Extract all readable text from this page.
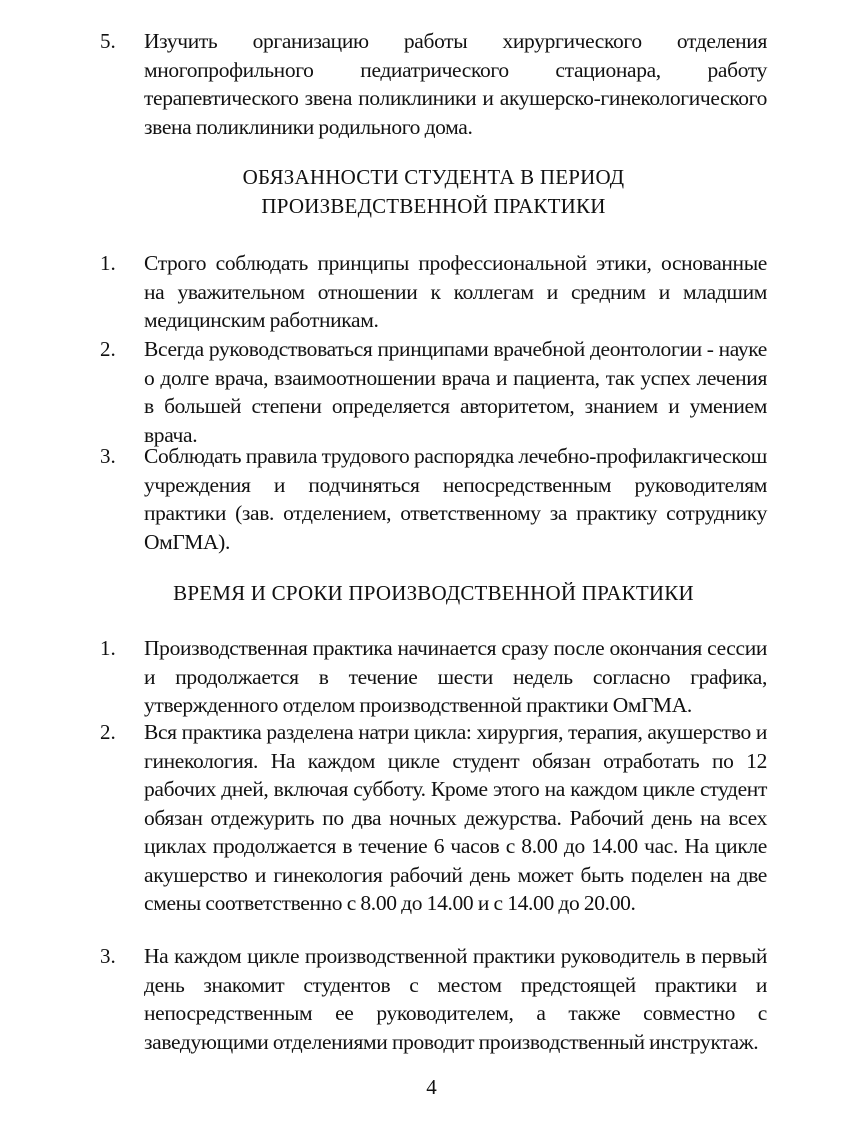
5.	Изучить организацию работы хирургического отделения многопрофильного педиатрического стационара, работу терапевтического звена поликлиники и акушерско-гинекологического звена поликлиники родильного дома.
ОБЯЗАННОСТИ СТУДЕНТА В ПЕРИОД
ПРОИЗВЕДСТВЕННОЙ ПРАКТИКИ
1.	Строго соблюдать принципы профессиональной этики, основанные на уважительном отношении к коллегам и средним и младшим медицинским работникам.
2.	Всегда руководствоваться принципами врачебной деонтологии - науке о долге врача, взаимоотношении врача и пациента, так успех лечения в большей степени определяется авторитетом, знанием и умением врача.
3.	Соблюдать правила трудового распорядка лечебно-профилакгическош учреждения и подчиняться непосредственным руководителям практики (зав. отделением, ответственному за практику сотруднику ОмГМА).
ВРЕМЯ И СРОКИ ПРОИЗВОДСТВЕННОЙ ПРАКТИКИ
1.	Производственная практика начинается сразу после окончания сессии и продолжается в течение шести недель согласно графика, утвержденного отделом производственной практики ОмГМА.
2.	Вся практика разделена натри цикла: хирургия, терапия, акушерство и гинекология. На каждом цикле студент обязан отработать по 12 рабочих дней, включая субботу. Кроме этого на каждом цикле студент обязан отдежурить по два ночных дежурства. Рабочий день на всех циклах продолжается в течение 6 часов с 8.00 до 14.00 час. На цикле акушерство и гинекология рабочий день может быть поделен на две смены соответственно с 8.00 до 14.00 и с 14.00 до 20.00.
3.	На каждом цикле производственной практики руководитель в первый день знакомит студентов с местом предстоящей практики и непосредственным ее руководителем, а также совместно с заведующими отделениями проводит производственный инструктаж.
4
